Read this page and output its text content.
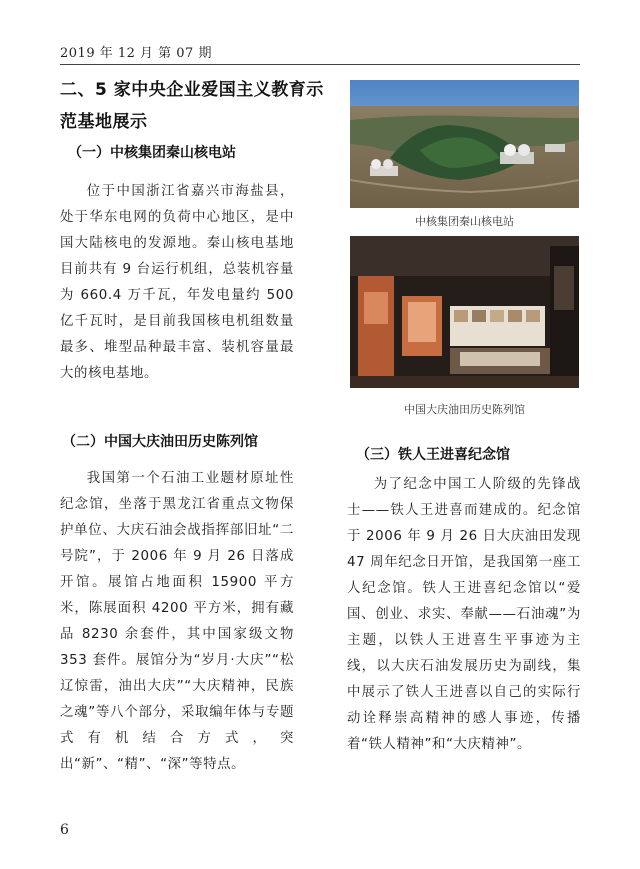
2019 年 12 月 第 07 期
二、5 家中央企业爱国主义教育示范基地展示
（一）中核集团秦山核电站

位于中国浙江省嘉兴市海盐县，处于华东电网的负荷中心地区，是中国大陆核电的发源地。秦山核电基地目前共有 9 台运行机组，总装机容量为 660.4 万千瓦，年发电量约 500 亿千瓦时，是目前我国核电机组数量最多、堆型品种最丰富、装机容量最大的核电基地。

（二）中国大庆油田历史陈列馆

我国第一个石油工业题材原址性纪念馆，坐落于黑龙江省重点文物保护单位、大庆石油会战指挥部旧址“二号院”，于 2006 年 9 月 26 日落成开馆。展馆占地面积 15900 平方米，陈展面积 4200 平方米，拥有藏品 8230 余套件，其中国家级文物 353 套件。展馆分为“岁月·大庆”“松辽惊雷，油出大庆”“大庆精神，民族之魂”等八个部分，采取编年体与专题式有机结合方式，突出“新”、“精”、“深”等特点。

中核集团秦山核电站
中国大庆油田历史陈列馆
（三）铁人王进喜纪念馆

为了纪念中国工人阶级的先锋战士——铁人王进喜而建成的。纪念馆于 2006 年 9 月 26 日大庆油田发现 47 周年纪念日开馆，是我国第一座工人纪念馆。铁人王进喜纪念馆以“爱国、创业、求实、奉献——石油魂”为主题，以铁人王进喜生平事迹为主线，以大庆石油发展历史为副线，集中展示了铁人王进喜以自己的实际行动诠释崇高精神的感人事迹，传播着“铁人精神”和“大庆精神”。

6
